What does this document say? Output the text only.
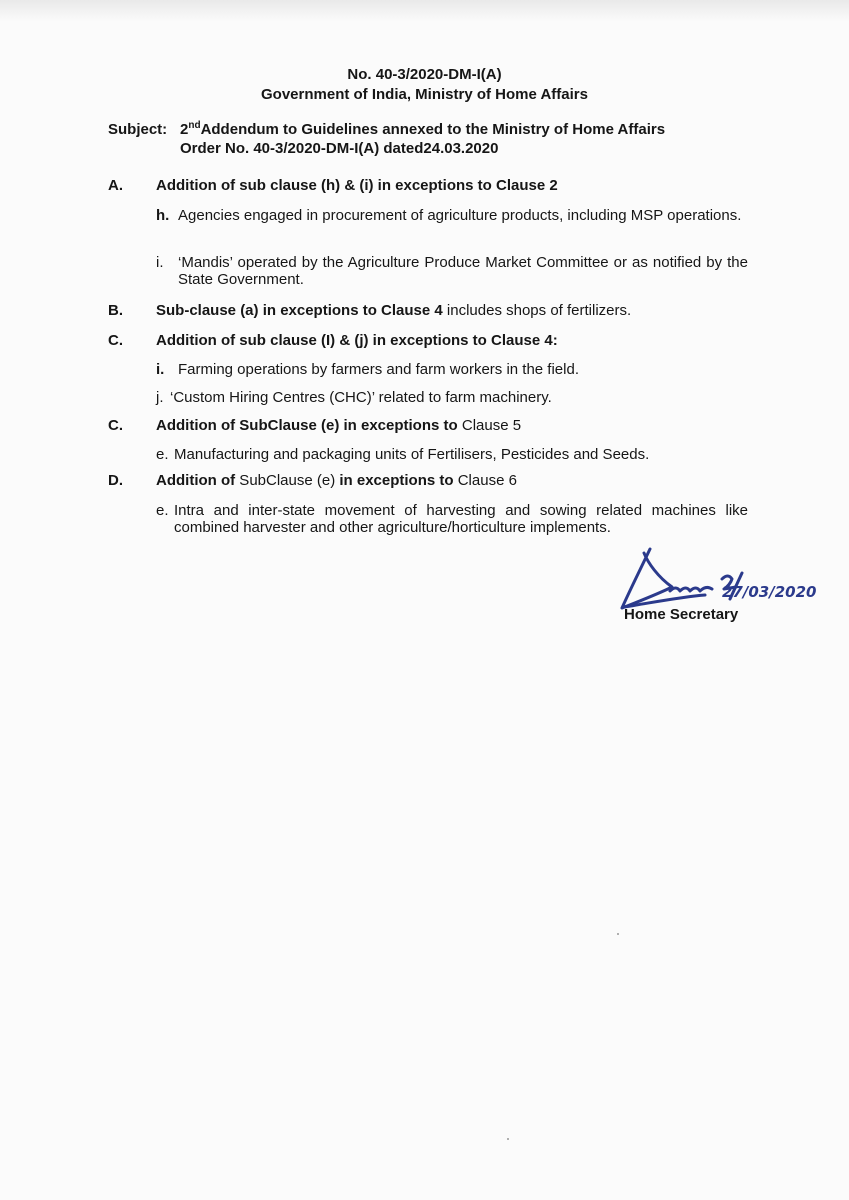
No. 40-3/2020-DM-I(A)
Government of India, Ministry of Home Affairs
Subject: 2ndAddendum to Guidelines annexed to the Ministry of Home Affairs
Order No. 40-3/2020-DM-I(A) dated24.03.2020
A. Addition of sub clause (h) & (i) in exceptions to Clause 2
h. Agencies engaged in procurement of agriculture products, including MSP operations.
i. ‘Mandis’ operated by the Agriculture Produce Market Committee or as notified by the State Government.
B. Sub-clause (a) in exceptions to Clause 4 includes shops of fertilizers.
C. Addition of sub clause (I) & (j) in exceptions to Clause 4:
i. Farming operations by farmers and farm workers in the field.
j. ‘Custom Hiring Centres (CHC)’ related to farm machinery.
C. Addition of SubClause (e) in exceptions to Clause 5
e. Manufacturing and packaging units of Fertilisers, Pesticides and Seeds.
D. Addition of SubClause (e) in exceptions to Clause 6
e. Intra and inter-state movement of harvesting and sowing related machines like combined harvester and other agriculture/horticulture implements.
27/03/2020
Home Secretary
